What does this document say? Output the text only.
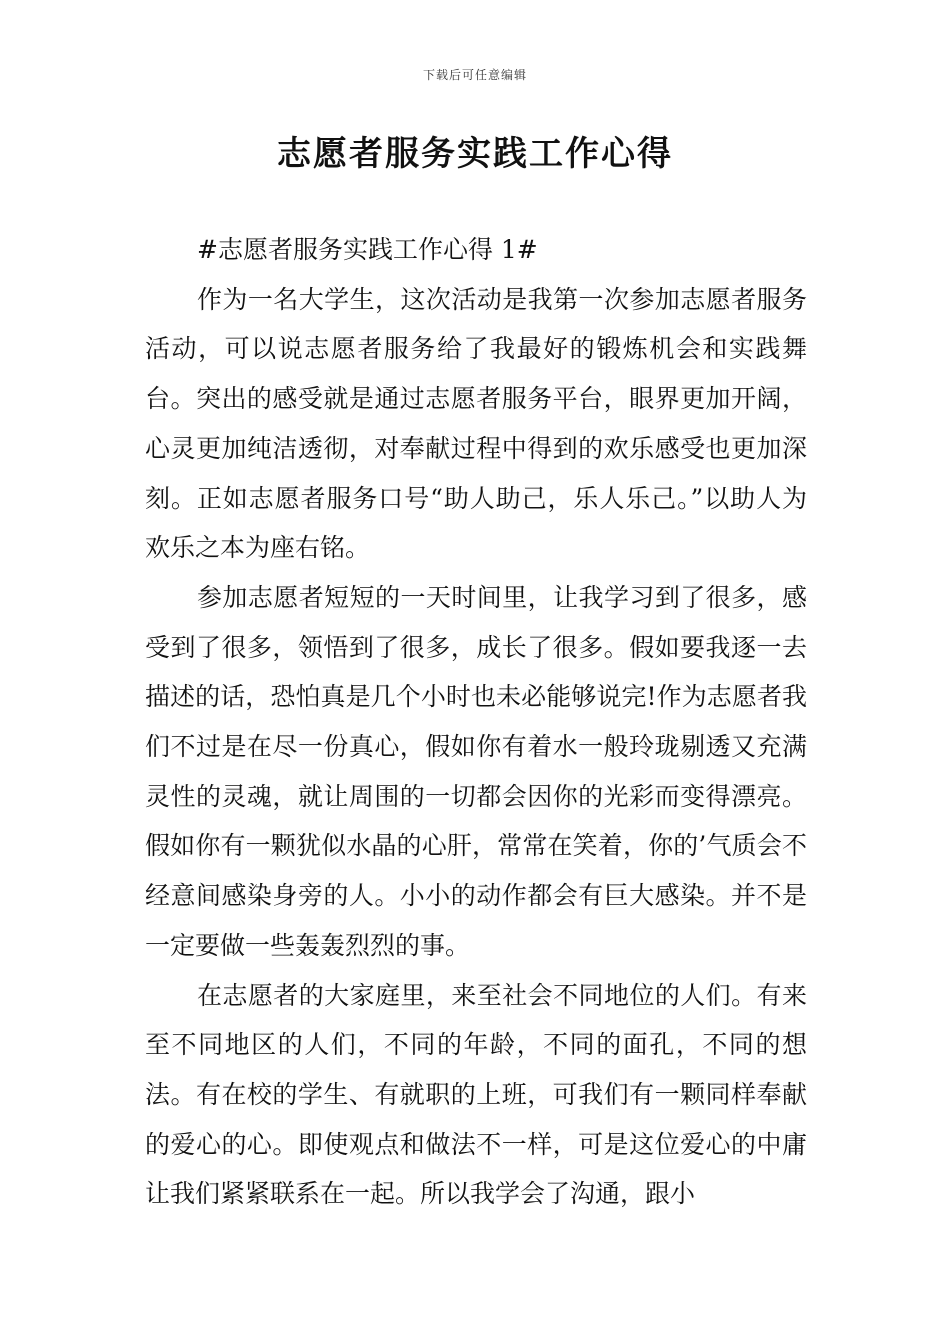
下载后可任意编辑
志愿者服务实践工作心得

#志愿者服务实践工作心得 1#

作为一名大学生，这次活动是我第一次参加志愿者服务活动，可以说志愿者服务给了我最好的锻炼机会和实践舞台。突出的感受就是通过志愿者服务平台，眼界更加开阔，心灵更加纯洁透彻，对奉献过程中得到的欢乐感受也更加深刻。正如志愿者服务口号“助人助己，乐人乐己。”以助人为欢乐之本为座右铭。

参加志愿者短短的一天时间里，让我学习到了很多，感受到了很多，领悟到了很多，成长了很多。假如要我逐一去描述的话，恐怕真是几个小时也未必能够说完!作为志愿者我们不过是在尽一份真心，假如你有着水一般玲珑剔透又充满灵性的灵魂，就让周围的一切都会因你的光彩而变得漂亮。假如你有一颗犹似水晶的心肝，常常在笑着，你的’气质会不经意间感染身旁的人。小小的动作都会有巨大感染。并不是一定要做一些轰轰烈烈的事。

在志愿者的大家庭里，来至社会不同地位的人们。有来至不同地区的人们，不同的年龄，不同的面孔，不同的想法。有在校的学生、有就职的上班，可我们有一颗同样奉献的爱心的心。即使观点和做法不一样，可是这位爱心的中庸让我们紧紧联系在一起。所以我学会了沟通，跟小
